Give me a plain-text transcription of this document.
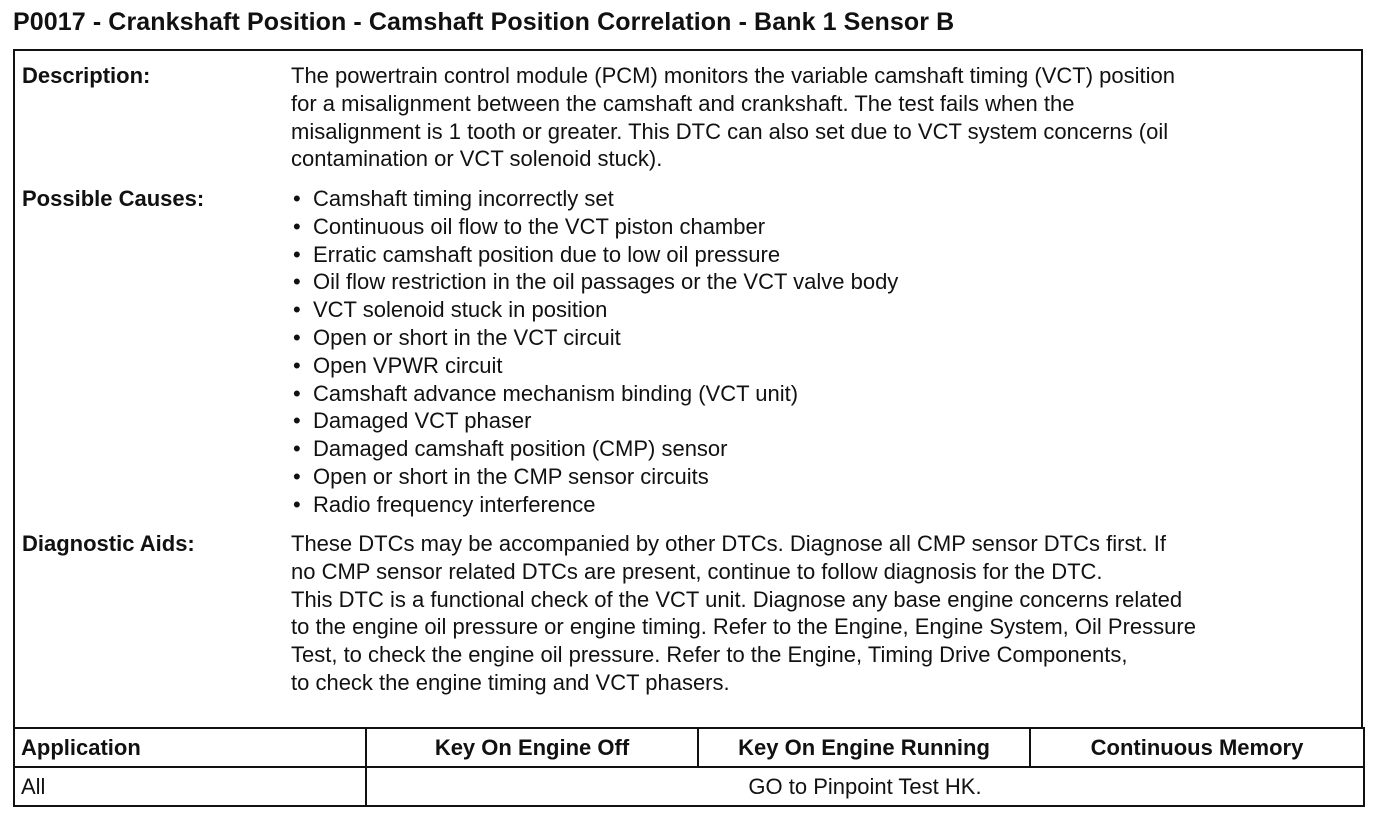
P0017 - Crankshaft Position - Camshaft Position Correlation - Bank 1 Sensor B
Description:	The powertrain control module (PCM) monitors the variable camshaft timing (VCT) position
for a misalignment between the camshaft and crankshaft. The test fails when the
misalignment is 1 tooth or greater. This DTC can also set due to VCT system concerns (oil
contamination or VCT solenoid stuck).
Possible Causes:	• Camshaft timing incorrectly set
• Continuous oil flow to the VCT piston chamber
• Erratic camshaft position due to low oil pressure
• Oil flow restriction in the oil passages or the VCT valve body
• VCT solenoid stuck in position
• Open or short in the VCT circuit
• Open VPWR circuit
• Camshaft advance mechanism binding (VCT unit)
• Damaged VCT phaser
• Damaged camshaft position (CMP) sensor
• Open or short in the CMP sensor circuits
• Radio frequency interference
Diagnostic Aids:	These DTCs may be accompanied by other DTCs. Diagnose all CMP sensor DTCs first. If
no CMP sensor related DTCs are present, continue to follow diagnosis for the DTC.
This DTC is a functional check of the VCT unit. Diagnose any base engine concerns related
to the engine oil pressure or engine timing. Refer to the Engine, Engine System, Oil Pressure
Test, to check the engine oil pressure. Refer to the Engine, Timing Drive Components,
to check the engine timing and VCT phasers.
Application	Key On Engine Off	Key On Engine Running	Continuous Memory
All	GO to Pinpoint Test HK.		
